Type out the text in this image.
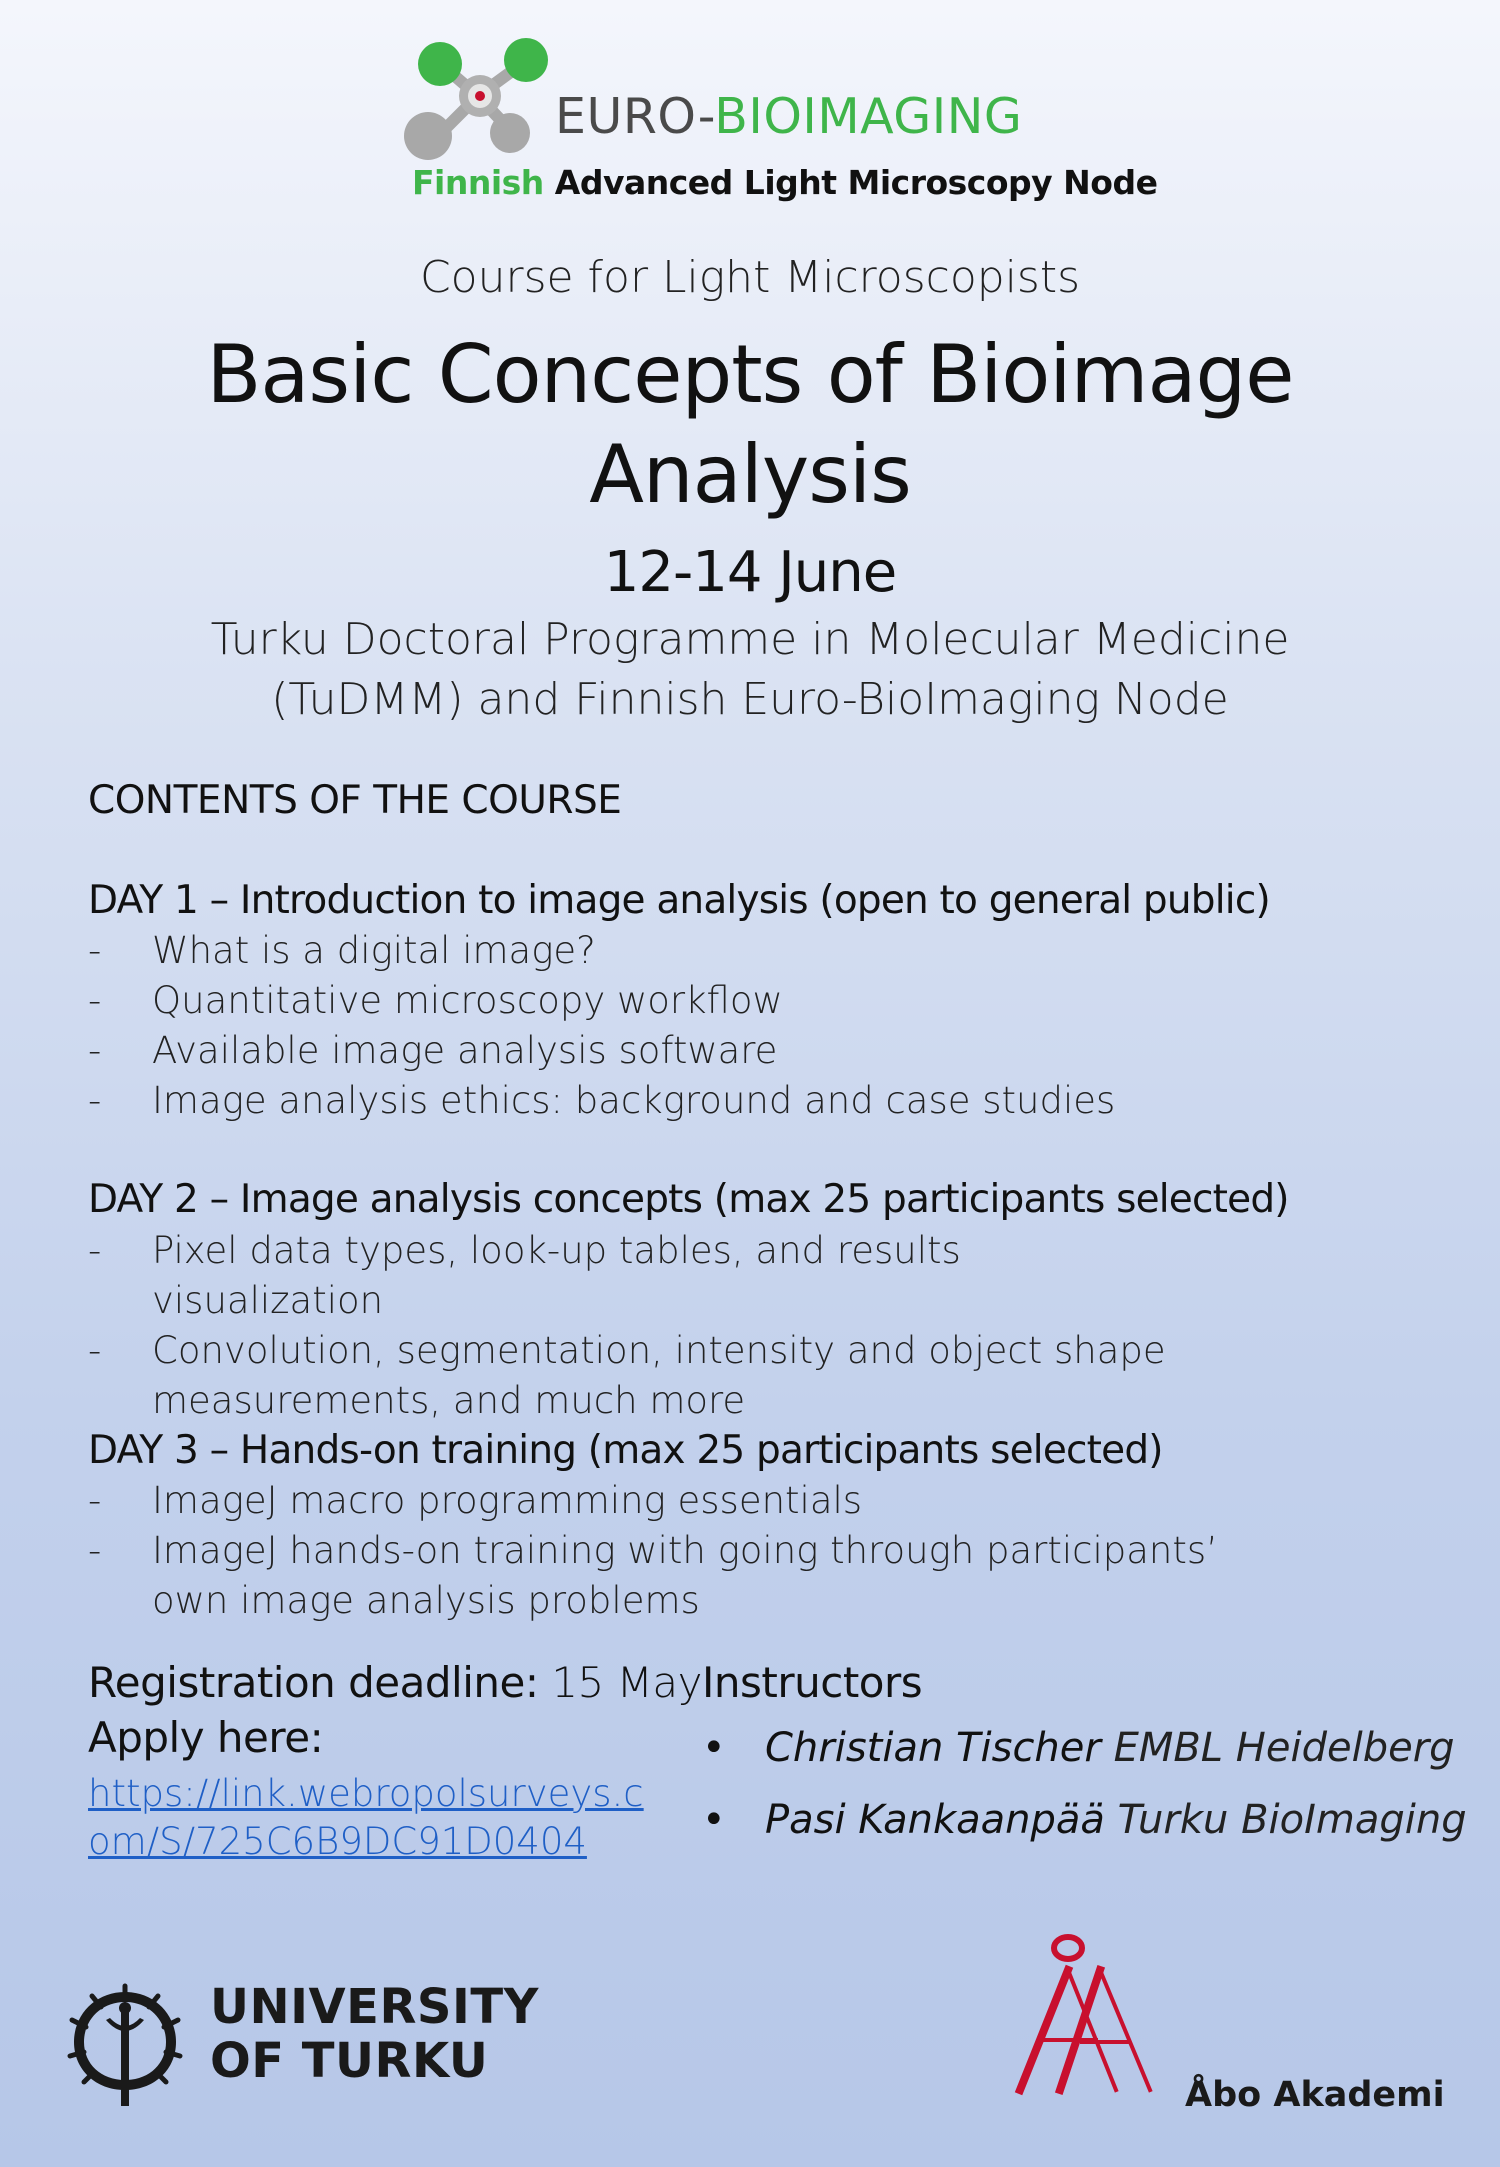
EURO-BIOIMAGING
Finnish Advanced Light Microscopy Node
Course for Light Microscopists
Basic Concepts of Bioimage
Analysis
12-14 June
Turku Doctoral Programme in Molecular Medicine
(TuDMM) and Finnish Euro-BioImaging Node
CONTENTS OF THE COURSE
DAY 1 – Introduction to image analysis (open to general public)
- What is a digital image?
- Quantitative microscopy workflow
- Available image analysis software
- Image analysis ethics: background and case studies
DAY 2 – Image analysis concepts (max 25 participants selected)
- Pixel data types, look-up tables, and results visualization
- Convolution, segmentation, intensity and object shape measurements, and much more
DAY 3 – Hands-on training (max 25 participants selected)
- ImageJ macro programming essentials
- ImageJ hands-on training with going through participants’ own image analysis problems
Registration deadline: 15 May
Apply here:
https://link.webropolsurveys.com/S/725C6B9DC91D0404
Instructors
• Christian Tischer EMBL Heidelberg
• Pasi Kankaanpää Turku BioImaging
UNIVERSITY
OF TURKU
Åbo Akademi
